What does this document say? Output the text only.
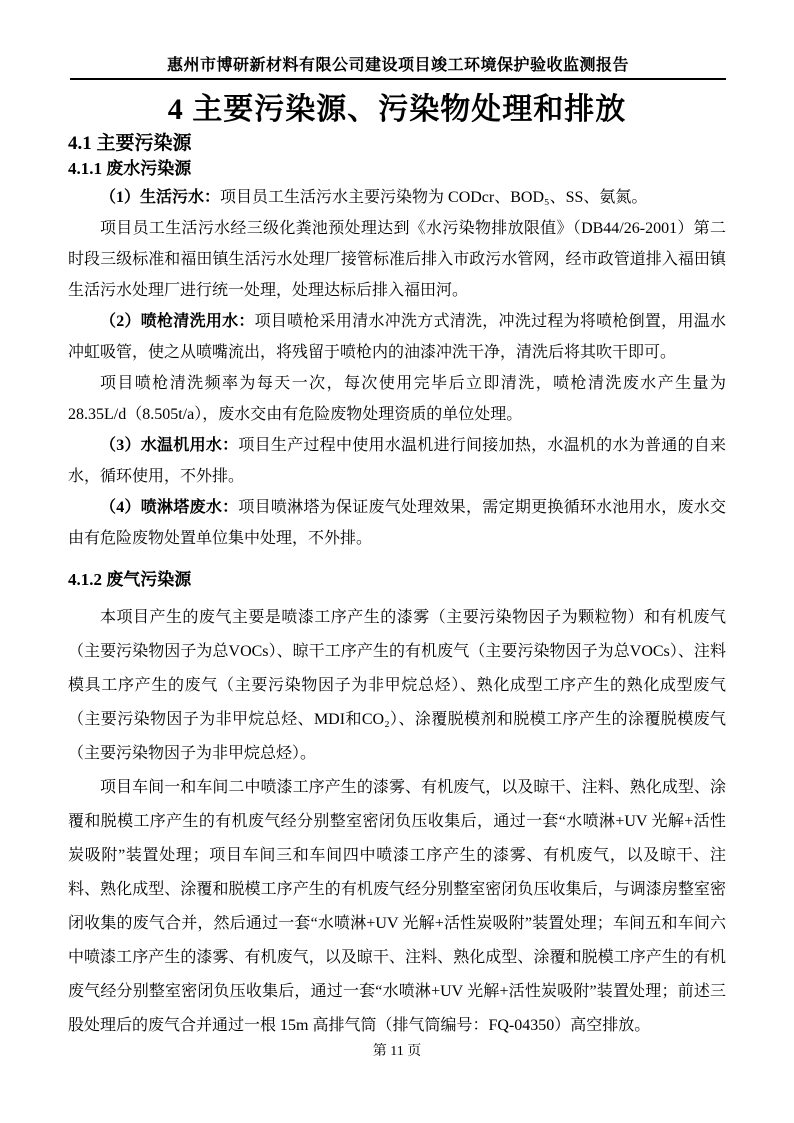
惠州市博研新材料有限公司建设项目竣工环境保护验收监测报告
4 主要污染源、污染物处理和排放
4.1 主要污染源
4.1.1 废水污染源

（1）生活污水：项目员工生活污水主要污染物为 CODcr、BOD₅、SS、氨氮。

项目员工生活污水经三级化粪池预处理达到《水污染物排放限值》（DB44/26-2001）第二时段三级标准和福田镇生活污水处理厂接管标准后排入市政污水管网，经市政管道排入福田镇生活污水处理厂进行统一处理，处理达标后排入福田河。

（2）喷枪清洗用水：项目喷枪采用清水冲洗方式清洗，冲洗过程为将喷枪倒置，用温水冲虹吸管，使之从喷嘴流出，将残留于喷枪内的油漆冲洗干净，清洗后将其吹干即可。

项目喷枪清洗频率为每天一次，每次使用完毕后立即清洗，喷枪清洗废水产生量为 28.35L/d（8.505t/a），废水交由有危险废物处理资质的单位处理。

（3）水温机用水：项目生产过程中使用水温机进行间接加热，水温机的水为普通的自来水，循环使用，不外排。

（4）喷淋塔废水：项目喷淋塔为保证废气处理效果，需定期更换循环水池用水，废水交由有危险废物处置单位集中处理，不外排。

4.1.2 废气污染源

本项目产生的废气主要是喷漆工序产生的漆雾（主要污染物因子为颗粒物）和有机废气（主要污染物因子为总VOCs）、晾干工序产生的有机废气（主要污染物因子为总VOCs）、注料模具工序产生的废气（主要污染物因子为非甲烷总烃）、熟化成型工序产生的熟化成型废气（主要污染物因子为非甲烷总烃、MDI和CO₂）、涂覆脱模剂和脱模工序产生的涂覆脱模废气（主要污染物因子为非甲烷总烃）。

项目车间一和车间二中喷漆工序产生的漆雾、有机废气，以及晾干、注料、熟化成型、涂覆和脱模工序产生的有机废气经分别整室密闭负压收集后，通过一套“水喷淋+UV 光解+活性炭吸附”装置处理；项目车间三和车间四中喷漆工序产生的漆雾、有机废气，以及晾干、注料、熟化成型、涂覆和脱模工序产生的有机废气经分别整室密闭负压收集后，与调漆房整室密闭收集的废气合并，然后通过一套“水喷淋+UV 光解+活性炭吸附”装置处理；车间五和车间六中喷漆工序产生的漆雾、有机废气，以及晾干、注料、熟化成型、涂覆和脱模工序产生的有机废气经分别整室密闭负压收集后，通过一套“水喷淋+UV 光解+活性炭吸附”装置处理；前述三股处理后的废气合并通过一根 15m 高排气筒（排气筒编号：FQ-04350）高空排放。

第 11 页
